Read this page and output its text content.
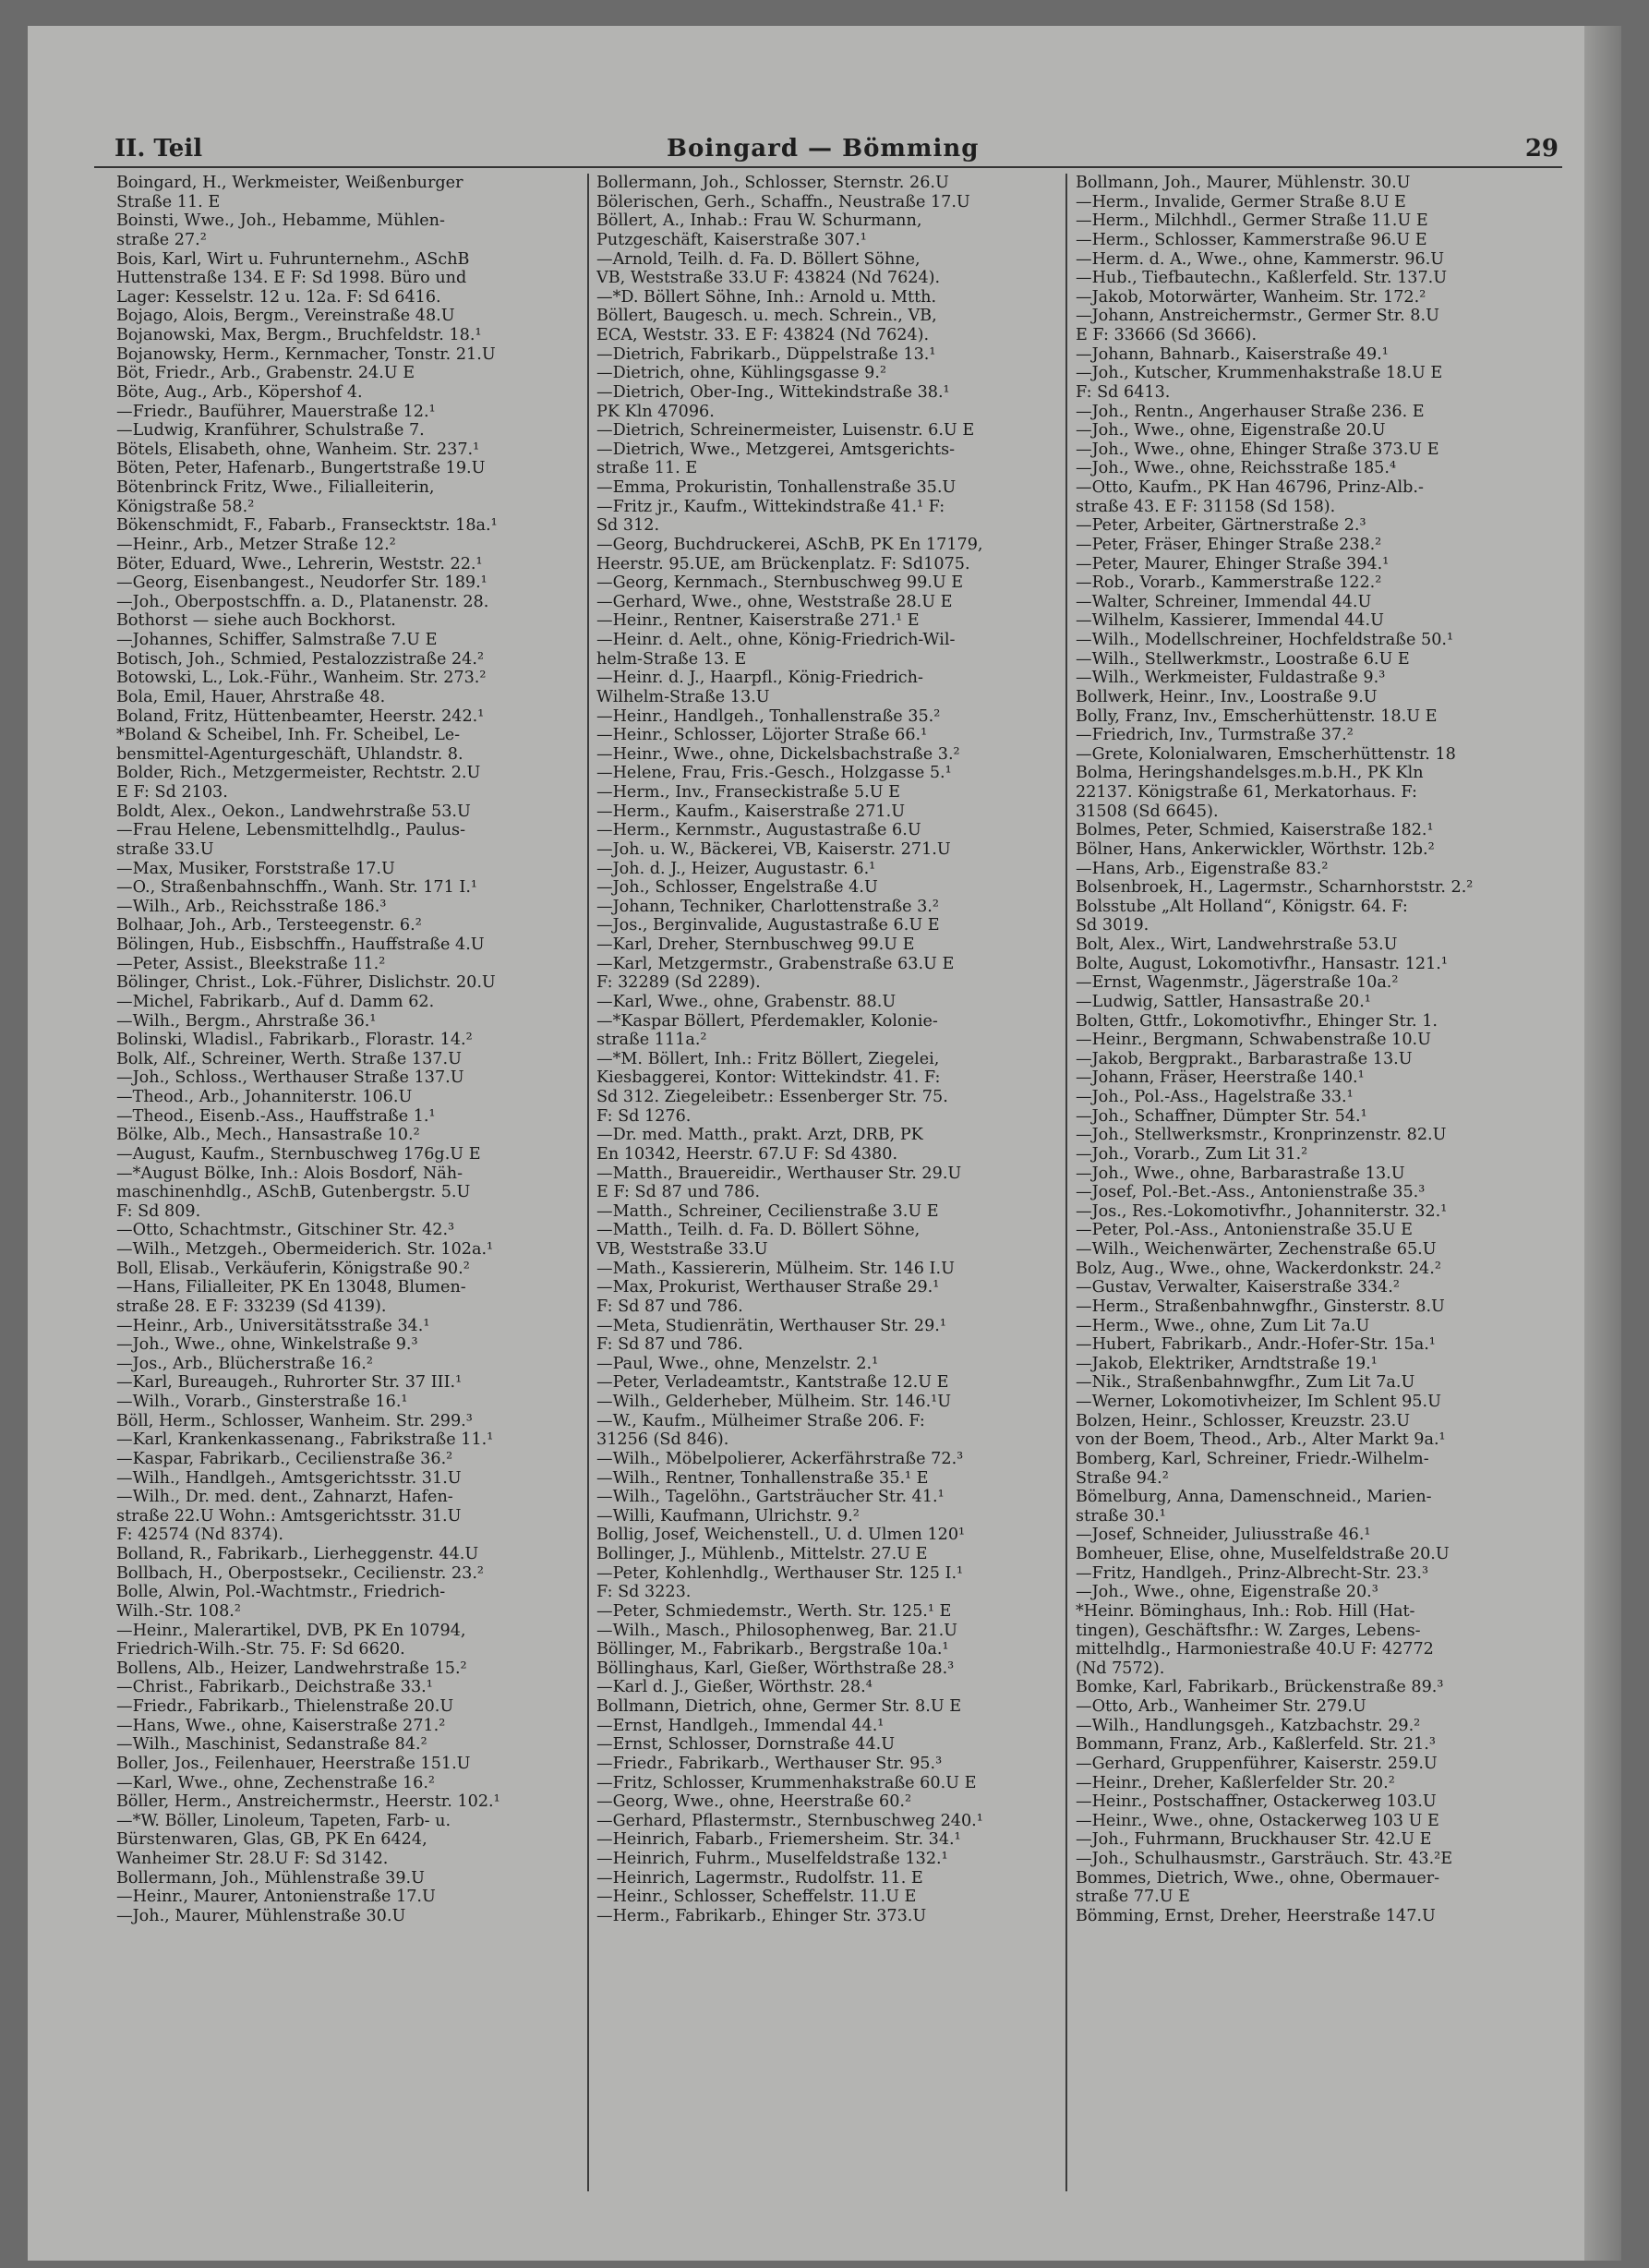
II. Teil	Boingard — Bömming	29
Boingard, H., Werkmeister, Weißenburger
Straße 11. E
Boinsti, Wwe., Joh., Hebamme, Mühlen-
straße 27.²
Bois, Karl, Wirt u. Fuhrunternehm., ASchB
Huttenstraße 134. E F: Sd 1998. Büro und
Lager: Kesselstr. 12 u. 12a. F: Sd 6416.
Bojago, Alois, Bergm., Vereinstraße 48.U
Bojanowski, Max, Bergm., Bruchfeldstr. 18.¹
Bojanowsky, Herm., Kernmacher, Tonstr. 21.U
Böt, Friedr., Arb., Grabenstr. 24.U E
Böte, Aug., Arb., Köpershof 4.
—Friedr., Bauführer, Mauerstraße 12.¹
—Ludwig, Kranführer, Schulstraße 7.
Bötels, Elisabeth, ohne, Wanheim. Str. 237.¹
Böten, Peter, Hafenarb., Bungertstraße 19.U
Bötenbrinck Fritz, Wwe., Filialleiterin,
Königstraße 58.²
Bökenschmidt, F., Fabarb., Fransecktstr. 18a.¹
—Heinr., Arb., Metzer Straße 12.²
Böter, Eduard, Wwe., Lehrerin, Weststr. 22.¹
—Georg, Eisenbangest., Neudorfer Str. 189.¹
—Joh., Oberpostschffn. a. D., Platanenstr. 28.
Bothorst — siehe auch Bockhorst.
—Johannes, Schiffer, Salmstraße 7.U E
Botisch, Joh., Schmied, Pestalozzistraße 24.²
Botowski, L., Lok.-Führ., Wanheim. Str. 273.²
Bola, Emil, Hauer, Ahrstraße 48.
Boland, Fritz, Hüttenbeamter, Heerstr. 242.¹
*Boland & Scheibel, Inh. Fr. Scheibel, Le-
bensmittel-Agenturgeschäft, Uhlandstr. 8.
Bolder, Rich., Metzgermeister, Rechtstr. 2.U
E F: Sd 2103.
Boldt, Alex., Oekon., Landwehrstraße 53.U
—Frau Helene, Lebensmittelhdlg., Paulus-
straße 33.U
—Max, Musiker, Forststraße 17.U
—O., Straßenbahnschffn., Wanh. Str. 171 I.¹
—Wilh., Arb., Reichsstraße 186.³
Bolhaar, Joh., Arb., Tersteegenstr. 6.²
Bölingen, Hub., Eisbschffn., Hauffstraße 4.U
—Peter, Assist., Bleekstraße 11.²
Bölinger, Christ., Lok.-Führer, Dislichstr. 20.U
—Michel, Fabrikarb., Auf d. Damm 62.
—Wilh., Bergm., Ahrstraße 36.¹
Bolinski, Wladisl., Fabrikarb., Florastr. 14.²
Bolk, Alf., Schreiner, Werth. Straße 137.U
—Joh., Schloss., Werthauser Straße 137.U
—Theod., Arb., Johanniterstr. 106.U
—Theod., Eisenb.-Ass., Hauffstraße 1.¹
Bölke, Alb., Mech., Hansastraße 10.²
—August, Kaufm., Sternbuschweg 176g.U E
—*August Bölke, Inh.: Alois Bosdorf, Näh-
maschinenhdlg., ASchB, Gutenbergstr. 5.U
F: Sd 809.
—Otto, Schachtmstr., Gitschiner Str. 42.³
—Wilh., Metzgeh., Obermeiderich. Str. 102a.¹
Boll, Elisab., Verkäuferin, Königstraße 90.²
—Hans, Filialleiter, PK En 13048, Blumen-
straße 28. E F: 33239 (Sd 4139).
—Heinr., Arb., Universitätsstraße 34.¹
—Joh., Wwe., ohne, Winkelstraße 9.³
—Jos., Arb., Blücherstraße 16.²
—Karl, Bureaugeh., Ruhrorter Str. 37 III.¹
—Wilh., Vorarb., Ginsterstraße 16.¹
Böll, Herm., Schlosser, Wanheim. Str. 299.³
—Karl, Krankenkassenang., Fabrikstraße 11.¹
—Kaspar, Fabrikarb., Cecilienstraße 36.²
—Wilh., Handlgeh., Amtsgerichtsstr. 31.U
—Wilh., Dr. med. dent., Zahnarzt, Hafen-
straße 22.U Wohn.: Amtsgerichtsstr. 31.U
F: 42574 (Nd 8374).
Bolland, R., Fabrikarb., Lierheggenstr. 44.U
Bollbach, H., Oberpostsekr., Cecilienstr. 23.²
Bolle, Alwin, Pol.-Wachtmstr., Friedrich-
Wilh.-Str. 108.²
—Heinr., Malerartikel, DVB, PK En 10794,
Friedrich-Wilh.-Str. 75. F: Sd 6620.
Bollens, Alb., Heizer, Landwehrstraße 15.²
—Christ., Fabrikarb., Deichstraße 33.¹
—Friedr., Fabrikarb., Thielenstraße 20.U
—Hans, Wwe., ohne, Kaiserstraße 271.²
—Wilh., Maschinist, Sedanstraße 84.²
Boller, Jos., Feilenhauer, Heerstraße 151.U
—Karl, Wwe., ohne, Zechenstraße 16.²
Böller, Herm., Anstreichermstr., Heerstr. 102.¹
—*W. Böller, Linoleum, Tapeten, Farb- u.
Bürstenwaren, Glas, GB, PK En 6424,
Wanheimer Str. 28.U F: Sd 3142.
Bollermann, Joh., Mühlenstraße 39.U
—Heinr., Maurer, Antonienstraße 17.U
—Joh., Maurer, Mühlenstraße 30.U
Bollermann, Joh., Schlosser, Sternstr. 26.U
Bölerischen, Gerh., Schaffn., Neustraße 17.U
Böllert, A., Inhab.: Frau W. Schurmann,
Putzgeschäft, Kaiserstraße 307.¹
—Arnold, Teilh. d. Fa. D. Böllert Söhne,
VB, Weststraße 33.U F: 43824 (Nd 7624).
—*D. Böllert Söhne, Inh.: Arnold u. Mtth.
Böllert, Baugesch. u. mech. Schrein., VB,
ECA, Weststr. 33. E F: 43824 (Nd 7624).
—Dietrich, Fabrikarb., Düppelstraße 13.¹
—Dietrich, ohne, Kühlingsgasse 9.²
—Dietrich, Ober-Ing., Wittekindstraße 38.¹
PK Kln 47096.
—Dietrich, Schreinermeister, Luisenstr. 6.U E
—Dietrich, Wwe., Metzgerei, Amtsgerichts-
straße 11. E
—Emma, Prokuristin, Tonhallenstraße 35.U
—Fritz jr., Kaufm., Wittekindstraße 41.¹ F:
Sd 312.
—Georg, Buchdruckerei, ASchB, PK En 17179,
Heerstr. 95.UE, am Brückenplatz. F: Sd1075.
—Georg, Kernmach., Sternbuschweg 99.U E
—Gerhard, Wwe., ohne, Weststraße 28.U E
—Heinr., Rentner, Kaiserstraße 271.¹ E
—Heinr. d. Aelt., ohne, König-Friedrich-Wil-
helm-Straße 13. E
—Heinr. d. J., Haarpfl., König-Friedrich-
Wilhelm-Straße 13.U
—Heinr., Handlgeh., Tonhallenstraße 35.²
—Heinr., Schlosser, Löjorter Straße 66.¹
—Heinr., Wwe., ohne, Dickelsbachstraße 3.²
—Helene, Frau, Fris.-Gesch., Holzgasse 5.¹
—Herm., Inv., Franseckistraße 5.U E
—Herm., Kaufm., Kaiserstraße 271.U
—Herm., Kernmstr., Augustastraße 6.U
—Joh. u. W., Bäckerei, VB, Kaiserstr. 271.U
—Joh. d. J., Heizer, Augustastr. 6.¹
—Joh., Schlosser, Engelstraße 4.U
—Johann, Techniker, Charlottenstraße 3.²
—Jos., Berginvalide, Augustastraße 6.U E
—Karl, Dreher, Sternbuschweg 99.U E
—Karl, Metzgermstr., Grabenstraße 63.U E
F: 32289 (Sd 2289).
—Karl, Wwe., ohne, Grabenstr. 88.U
—*Kaspar Böllert, Pferdemakler, Kolonie-
straße 111a.²
—*M. Böllert, Inh.: Fritz Böllert, Ziegelei,
Kiesbaggerei, Kontor: Wittekindstr. 41. F:
Sd 312. Ziegeleibetr.: Essenberger Str. 75.
F: Sd 1276.
—Dr. med. Matth., prakt. Arzt, DRB, PK
En 10342, Heerstr. 67.U F: Sd 4380.
—Matth., Brauereidir., Werthauser Str. 29.U
E F: Sd 87 und 786.
—Matth., Schreiner, Cecilienstraße 3.U E
—Matth., Teilh. d. Fa. D. Böllert Söhne,
VB, Weststraße 33.U
—Math., Kassiererin, Mülheim. Str. 146 I.U
—Max, Prokurist, Werthauser Straße 29.¹
F: Sd 87 und 786.
—Meta, Studienrätin, Werthauser Str. 29.¹
F: Sd 87 und 786.
—Paul, Wwe., ohne, Menzelstr. 2.¹
—Peter, Verladeamtstr., Kantstraße 12.U E
—Wilh., Gelderheber, Mülheim. Str. 146.¹U
—W., Kaufm., Mülheimer Straße 206. F:
31256 (Sd 846).
—Wilh., Möbelpolierer, Ackerfährstraße 72.³
—Wilh., Rentner, Tonhallenstraße 35.¹ E
—Wilh., Tagelöhn., Gartsträucher Str. 41.¹
—Willi, Kaufmann, Ulrichstr. 9.²
Bollig, Josef, Weichenstell., U. d. Ulmen 120¹
Bollinger, J., Mühlenb., Mittelstr. 27.U E
—Peter, Kohlenhdlg., Werthauser Str. 125 I.¹
F: Sd 3223.
—Peter, Schmiedemstr., Werth. Str. 125.¹ E
—Wilh., Masch., Philosophenweg, Bar. 21.U
Böllinger, M., Fabrikarb., Bergstraße 10a.¹
Böllinghaus, Karl, Gießer, Wörthstraße 28.³
—Karl d. J., Gießer, Wörthstr. 28.⁴
Bollmann, Dietrich, ohne, Germer Str. 8.U E
—Ernst, Handlgeh., Immendal 44.¹
—Ernst, Schlosser, Dornstraße 44.U
—Friedr., Fabrikarb., Werthauser Str. 95.³
—Fritz, Schlosser, Krummenhakstraße 60.U E
—Georg, Wwe., ohne, Heerstraße 60.²
—Gerhard, Pflastermstr., Sternbuschweg 240.¹
—Heinrich, Fabarb., Friemersheim. Str. 34.¹
—Heinrich, Fuhrm., Muselfeldstraße 132.¹
—Heinrich, Lagermstr., Rudolfstr. 11. E
—Heinr., Schlosser, Scheffelstr. 11.U E
—Herm., Fabrikarb., Ehinger Str. 373.U
Bollmann, Joh., Maurer, Mühlenstr. 30.U
—Herm., Invalide, Germer Straße 8.U E
—Herm., Milchhdl., Germer Straße 11.U E
—Herm., Schlosser, Kammerstraße 96.U E
—Herm. d. A., Wwe., ohne, Kammerstr. 96.U
—Hub., Tiefbautechn., Kaßlerfeld. Str. 137.U
—Jakob, Motorwärter, Wanheim. Str. 172.²
—Johann, Anstreichermstr., Germer Str. 8.U
E F: 33666 (Sd 3666).
—Johann, Bahnarb., Kaiserstraße 49.¹
—Joh., Kutscher, Krummenhakstraße 18.U E
F: Sd 6413.
—Joh., Rentn., Angerhauser Straße 236. E
—Joh., Wwe., ohne, Eigenstraße 20.U
—Joh., Wwe., ohne, Ehinger Straße 373.U E
—Joh., Wwe., ohne, Reichsstraße 185.⁴
—Otto, Kaufm., PK Han 46796, Prinz-Alb.-
straße 43. E F: 31158 (Sd 158).
—Peter, Arbeiter, Gärtnerstraße 2.³
—Peter, Fräser, Ehinger Straße 238.²
—Peter, Maurer, Ehinger Straße 394.¹
—Rob., Vorarb., Kammerstraße 122.²
—Walter, Schreiner, Immendal 44.U
—Wilhelm, Kassierer, Immendal 44.U
—Wilh., Modellschreiner, Hochfeldstraße 50.¹
—Wilh., Stellwerkmstr., Loostraße 6.U E
—Wilh., Werkmeister, Fuldastraße 9.³
Bollwerk, Heinr., Inv., Loostraße 9.U
Bolly, Franz, Inv., Emscherhüttenstr. 18.U E
—Friedrich, Inv., Turmstraße 37.²
—Grete, Kolonialwaren, Emscherhüttenstr. 18
Bolma, Heringshandelsges.m.b.H., PK Kln
22137. Königstraße 61, Merkatorhaus. F:
31508 (Sd 6645).
Bolmes, Peter, Schmied, Kaiserstraße 182.¹
Bölner, Hans, Ankerwickler, Wörthstr. 12b.²
—Hans, Arb., Eigenstraße 83.²
Bolsenbroek, H., Lagermstr., Scharnhorststr. 2.²
Bolsstube „Alt Holland“, Königstr. 64. F:
Sd 3019.
Bolt, Alex., Wirt, Landwehrstraße 53.U
Bolte, August, Lokomotivfhr., Hansastr. 121.¹
—Ernst, Wagenmstr., Jägerstraße 10a.²
—Ludwig, Sattler, Hansastraße 20.¹
Bolten, Gttfr., Lokomotivfhr., Ehinger Str. 1.
—Heinr., Bergmann, Schwabenstraße 10.U
—Jakob, Bergprakt., Barbarastraße 13.U
—Johann, Fräser, Heerstraße 140.¹
—Joh., Pol.-Ass., Hagelstraße 33.¹
—Joh., Schaffner, Dümpter Str. 54.¹
—Joh., Stellwerksmstr., Kronprinzenstr. 82.U
—Joh., Vorarb., Zum Lit 31.²
—Joh., Wwe., ohne, Barbarastraße 13.U
—Josef, Pol.-Bet.-Ass., Antonienstraße 35.³
—Jos., Res.-Lokomotivfhr., Johanniterstr. 32.¹
—Peter, Pol.-Ass., Antonienstraße 35.U E
—Wilh., Weichenwärter, Zechenstraße 65.U
Bolz, Aug., Wwe., ohne, Wackerdonkstr. 24.²
—Gustav, Verwalter, Kaiserstraße 334.²
—Herm., Straßenbahnwgfhr., Ginsterstr. 8.U
—Herm., Wwe., ohne, Zum Lit 7a.U
—Hubert, Fabrikarb., Andr.-Hofer-Str. 15a.¹
—Jakob, Elektriker, Arndtstraße 19.¹
—Nik., Straßenbahnwgfhr., Zum Lit 7a.U
—Werner, Lokomotivheizer, Im Schlent 95.U
Bolzen, Heinr., Schlosser, Kreuzstr. 23.U
von der Boem, Theod., Arb., Alter Markt 9a.¹
Bomberg, Karl, Schreiner, Friedr.-Wilhelm-
Straße 94.²
Bömelburg, Anna, Damenschneid., Marien-
straße 30.¹
—Josef, Schneider, Juliusstraße 46.¹
Bomheuer, Elise, ohne, Muselfeldstraße 20.U
—Fritz, Handlgeh., Prinz-Albrecht-Str. 23.³
—Joh., Wwe., ohne, Eigenstraße 20.³
*Heinr. Böminghaus, Inh.: Rob. Hill (Hat-
tingen), Geschäftsfhr.: W. Zarges, Lebens-
mittelhdlg., Harmoniestraße 40.U F: 42772
(Nd 7572).
Bomke, Karl, Fabrikarb., Brückenstraße 89.³
—Otto, Arb., Wanheimer Str. 279.U
—Wilh., Handlungsgeh., Katzbachstr. 29.²
Bommann, Franz, Arb., Kaßlerfeld. Str. 21.³
—Gerhard, Gruppenführer, Kaiserstr. 259.U
—Heinr., Dreher, Kaßlerfelder Str. 20.²
—Heinr., Postschaffner, Ostackerweg 103.U
—Heinr., Wwe., ohne, Ostackerweg 103 U E
—Joh., Fuhrmann, Bruckhauser Str. 42.U E
—Joh., Schulhausmstr., Garsträuch. Str. 43.²E
Bommes, Dietrich, Wwe., ohne, Obermauer-
straße 77.U E
Bömming, Ernst, Dreher, Heerstraße 147.U
